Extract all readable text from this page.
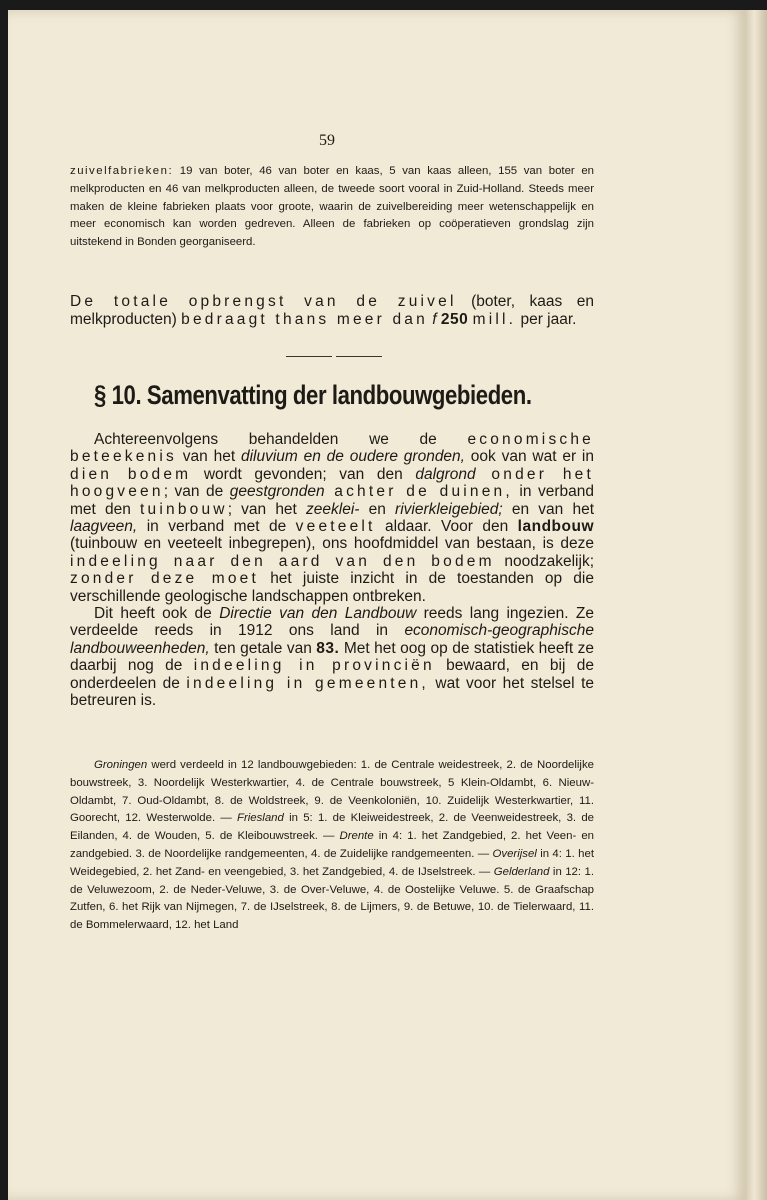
59

zuivelfabrieken: 19 van boter, 46 van boter en kaas, 5 van kaas alleen, 155 van boter en melkproducten en 46 van melkproducten alleen, de tweede soort vooral in Zuid-Holland. Steeds meer maken de kleine fabrieken plaats voor groote, waarin de zuivelbereiding meer wetenschappelijk en meer economisch kan worden gedreven. Alleen de fabrieken op coöperatieven grondslag zijn uitstekend in Bonden georganiseerd.

De totale opbrengst van de zuivel (boter, kaas en melkproducten) bedraagt thans meer dan f 250 mill. per jaar.
§ 10. Samenvatting der landbouwgebieden.

Achtereenvolgens behandelden we de economische beteekenis van het diluvium en de oudere gronden, ook van wat er in dien bodem wordt gevonden; van den dalgrond onder het hoogveen; van de geestgronden achter de duinen, in verband met den tuinbouw; van het zeeklei- en rivierkleigebied; en van het laagveen, in verband met de veeteelt aldaar. Voor den landbouw (tuinbouw en veeteelt inbegrepen), ons hoofdmiddel van bestaan, is deze indeeling naar den aard van den bodem noodzakelijk; zonder deze moet het juiste inzicht in de toestanden op die verschillende geologische landschappen ontbreken.

Dit heeft ook de Directie van den Landbouw reeds lang ingezien. Ze verdeelde reeds in 1912 ons land in economisch-geographische landbouweenheden, ten getale van 83. Met het oog op de statistiek heeft ze daarbij nog de indeeling in provinciën bewaard, en bij de onderdeelen de indeeling in gemeenten, wat voor het stelsel te betreuren is.

Groningen werd verdeeld in 12 landbouwgebieden: 1. de Centrale weidestreek, 2. de Noordelijke bouwstreek, 3. Noordelijk Westerkwartier, 4. de Centrale bouwstreek, 5 Klein-Oldambt, 6. Nieuw-Oldambt, 7. Oud-Oldambt, 8. de Woldstreek, 9. de Veenkoloniën, 10. Zuidelijk Westerkwartier, 11. Goorecht, 12. Westerwolde. — Friesland in 5: 1. de Kleiweidestreek, 2. de Veenweidestreek, 3. de Eilanden, 4. de Wouden, 5. de Kleibouwstreek. — Drente in 4: 1. het Zandgebied, 2. het Veen- en zandgebied. 3. de Noordelijke randgemeenten, 4. de Zuidelijke randgemeenten. — Overijsel in 4: 1. het Weidegebied, 2. het Zand- en veengebied, 3. het Zandgebied, 4. de IJselstreek. — Gelderland in 12: 1. de Veluwezoom, 2. de Neder-Veluwe, 3. de Over-Veluwe, 4. de Oostelijke Veluwe. 5. de Graafschap Zutfen, 6. het Rijk van Nijmegen, 7. de IJselstreek, 8. de Lijmers, 9. de Betuwe, 10. de Tielerwaard, 11. de Bommelerwaard, 12. het Land
